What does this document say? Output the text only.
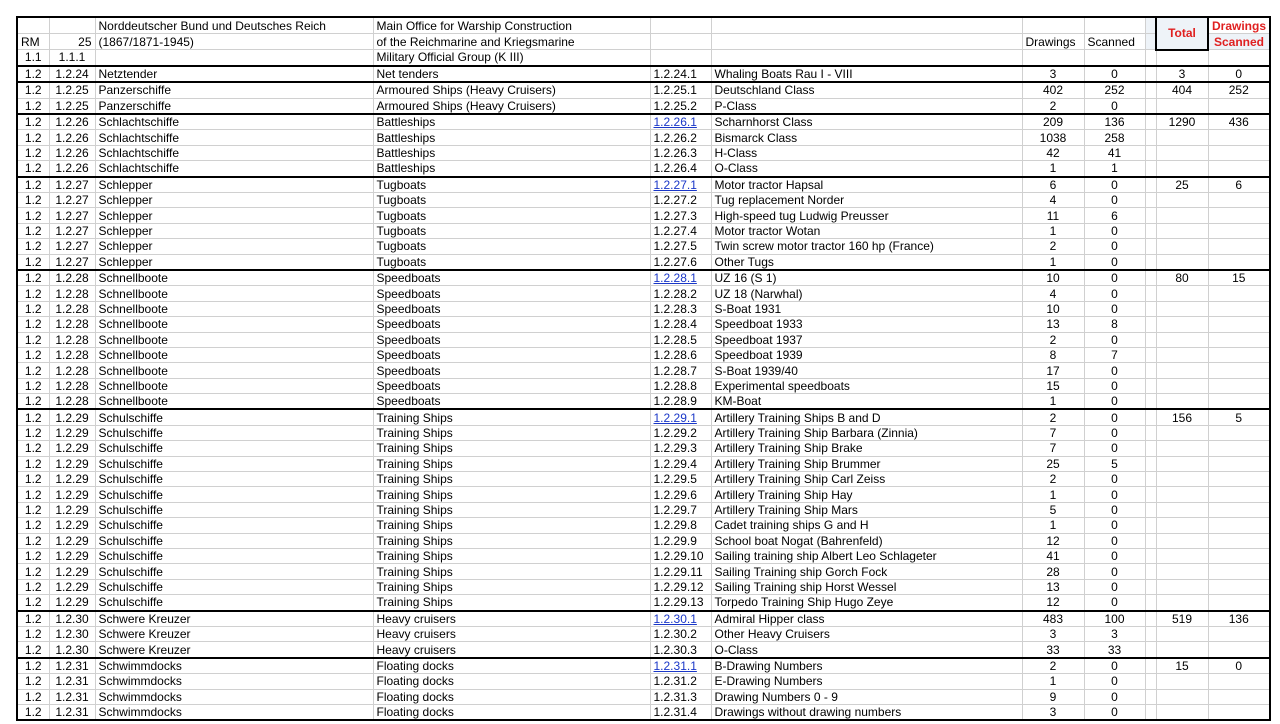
		Norddeutscher Bund und Deutsches Reich	Main Office for Warship Construction						Total	Drawings
RM	25	(1867/1871-1945)	of the Reichmarine and Kriegsmarine			Drawings	Scanned			Scanned
1.1	1.1.1		Military Official Group (K III)							
1.2	1.2.24	Netztender	Net tenders	1.2.24.1	Whaling Boats Rau I - VIII	3	0		3	0
1.2	1.2.25	Panzerschiffe	Armoured Ships (Heavy Cruisers)	1.2.25.1	Deutschland Class	402	252		404	252
1.2	1.2.25	Panzerschiffe	Armoured Ships (Heavy Cruisers)	1.2.25.2	P-Class	2	0			
1.2	1.2.26	Schlachtschiffe	Battleships	1.2.26.1	Scharnhorst Class	209	136		1290	436
1.2	1.2.26	Schlachtschiffe	Battleships	1.2.26.2	Bismarck Class	1038	258			
1.2	1.2.26	Schlachtschiffe	Battleships	1.2.26.3	H-Class	42	41			
1.2	1.2.26	Schlachtschiffe	Battleships	1.2.26.4	O-Class	1	1			
1.2	1.2.27	Schlepper	Tugboats	1.2.27.1	Motor tractor Hapsal	6	0		25	6
1.2	1.2.27	Schlepper	Tugboats	1.2.27.2	Tug replacement Norder	4	0			
1.2	1.2.27	Schlepper	Tugboats	1.2.27.3	High-speed tug Ludwig Preusser	11	6			
1.2	1.2.27	Schlepper	Tugboats	1.2.27.4	Motor tractor Wotan	1	0			
1.2	1.2.27	Schlepper	Tugboats	1.2.27.5	Twin screw motor tractor 160 hp (France)	2	0			
1.2	1.2.27	Schlepper	Tugboats	1.2.27.6	Other Tugs	1	0			
1.2	1.2.28	Schnellboote	Speedboats	1.2.28.1	UZ 16 (S 1)	10	0		80	15
1.2	1.2.28	Schnellboote	Speedboats	1.2.28.2	UZ 18 (Narwhal)	4	0			
1.2	1.2.28	Schnellboote	Speedboats	1.2.28.3	S-Boat 1931	10	0			
1.2	1.2.28	Schnellboote	Speedboats	1.2.28.4	Speedboat 1933	13	8			
1.2	1.2.28	Schnellboote	Speedboats	1.2.28.5	Speedboat 1937	2	0			
1.2	1.2.28	Schnellboote	Speedboats	1.2.28.6	Speedboat 1939	8	7			
1.2	1.2.28	Schnellboote	Speedboats	1.2.28.7	S-Boat 1939/40	17	0			
1.2	1.2.28	Schnellboote	Speedboats	1.2.28.8	Experimental speedboats	15	0			
1.2	1.2.28	Schnellboote	Speedboats	1.2.28.9	KM-Boat	1	0			
1.2	1.2.29	Schulschiffe	Training Ships	1.2.29.1	Artillery Training Ships B and D	2	0		156	5
1.2	1.2.29	Schulschiffe	Training Ships	1.2.29.2	Artillery Training Ship Barbara (Zinnia)	7	0			
1.2	1.2.29	Schulschiffe	Training Ships	1.2.29.3	Artillery Training Ship Brake	7	0			
1.2	1.2.29	Schulschiffe	Training Ships	1.2.29.4	Artillery Training Ship Brummer	25	5			
1.2	1.2.29	Schulschiffe	Training Ships	1.2.29.5	Artillery Training Ship Carl Zeiss	2	0			
1.2	1.2.29	Schulschiffe	Training Ships	1.2.29.6	Artillery Training Ship Hay	1	0			
1.2	1.2.29	Schulschiffe	Training Ships	1.2.29.7	Artillery Training Ship Mars	5	0			
1.2	1.2.29	Schulschiffe	Training Ships	1.2.29.8	Cadet training ships G and H	1	0			
1.2	1.2.29	Schulschiffe	Training Ships	1.2.29.9	School boat Nogat (Bahrenfeld)	12	0			
1.2	1.2.29	Schulschiffe	Training Ships	1.2.29.10	Sailing training ship Albert Leo Schlageter	41	0			
1.2	1.2.29	Schulschiffe	Training Ships	1.2.29.11	Sailing Training ship Gorch Fock	28	0			
1.2	1.2.29	Schulschiffe	Training Ships	1.2.29.12	Sailing Training ship Horst Wessel	13	0			
1.2	1.2.29	Schulschiffe	Training Ships	1.2.29.13	Torpedo Training Ship Hugo Zeye	12	0			
1.2	1.2.30	Schwere Kreuzer	Heavy cruisers	1.2.30.1	Admiral Hipper class	483	100		519	136
1.2	1.2.30	Schwere Kreuzer	Heavy cruisers	1.2.30.2	Other Heavy Cruisers	3	3			
1.2	1.2.30	Schwere Kreuzer	Heavy cruisers	1.2.30.3	O-Class	33	33			
1.2	1.2.31	Schwimmdocks	Floating docks	1.2.31.1	B-Drawing Numbers	2	0		15	0
1.2	1.2.31	Schwimmdocks	Floating docks	1.2.31.2	E-Drawing Numbers	1	0			
1.2	1.2.31	Schwimmdocks	Floating docks	1.2.31.3	Drawing Numbers 0 - 9	9	0			
1.2	1.2.31	Schwimmdocks	Floating docks	1.2.31.4	Drawings without drawing numbers	3	0			
